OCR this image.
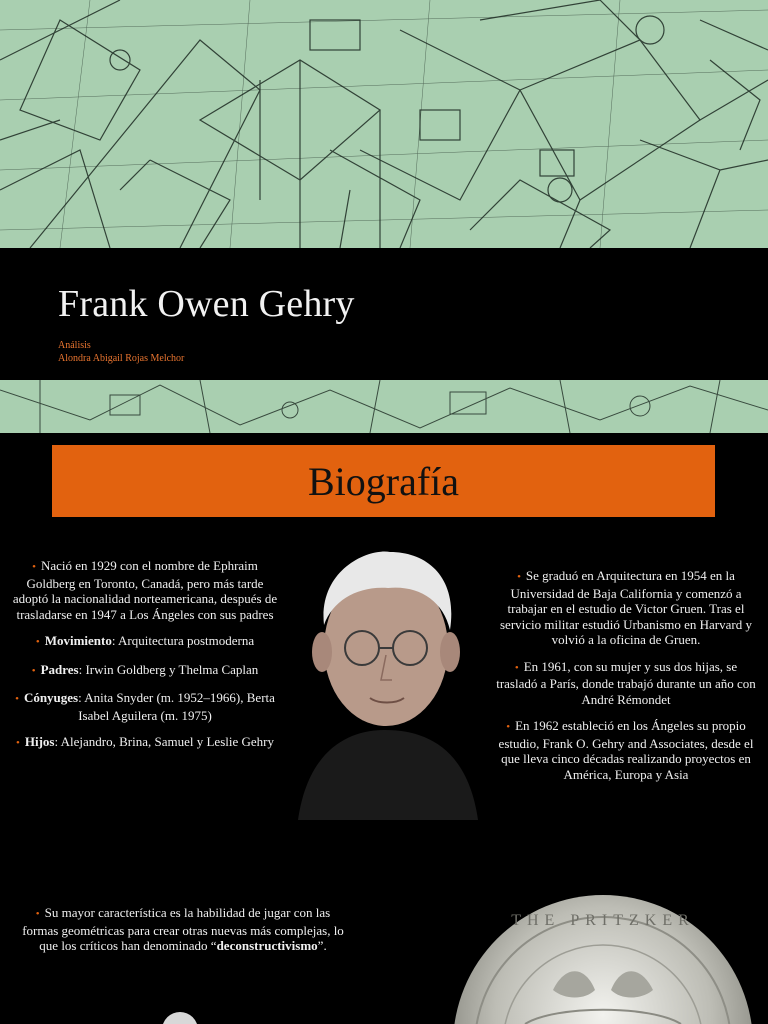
Frank Owen Gehry
Análisis
Alondra Abigail Rojas Melchor
Biografía
• Nació en 1929 con el nombre de Ephraim Goldberg en Toronto, Canadá, pero más tarde adoptó la nacionalidad norteamericana, después de trasladarse en 1947 a Los Ángeles con sus padres
• Movimiento: Arquitectura postmoderna
• Padres: Irwin Goldberg y Thelma Caplan
• Cónyuges: Anita Snyder (m. 1952–1966), Berta Isabel Aguilera (m. 1975)
• Hijos: Alejandro, Brina, Samuel y Leslie Gehry
• Se graduó en Arquitectura en 1954 en la Universidad de Baja California y comenzó a trabajar en el estudio de Victor Gruen. Tras el servicio militar estudió Urbanismo en Harvard y volvió a la oficina de Gruen.
• En 1961, con su mujer y sus dos hijas, se trasladó a París, donde trabajó durante un año con André Rémondet
• En 1962 estableció en los Ángeles su propio estudio, Frank O. Gehry and Associates, desde el que lleva cinco décadas realizando proyectos en América, Europa y Asia
• Su mayor característica es la habilidad de jugar con las formas geométricas para crear otras nuevas más complejas, lo que los críticos han denominado “deconstructivismo”.
THE PRITZKER
